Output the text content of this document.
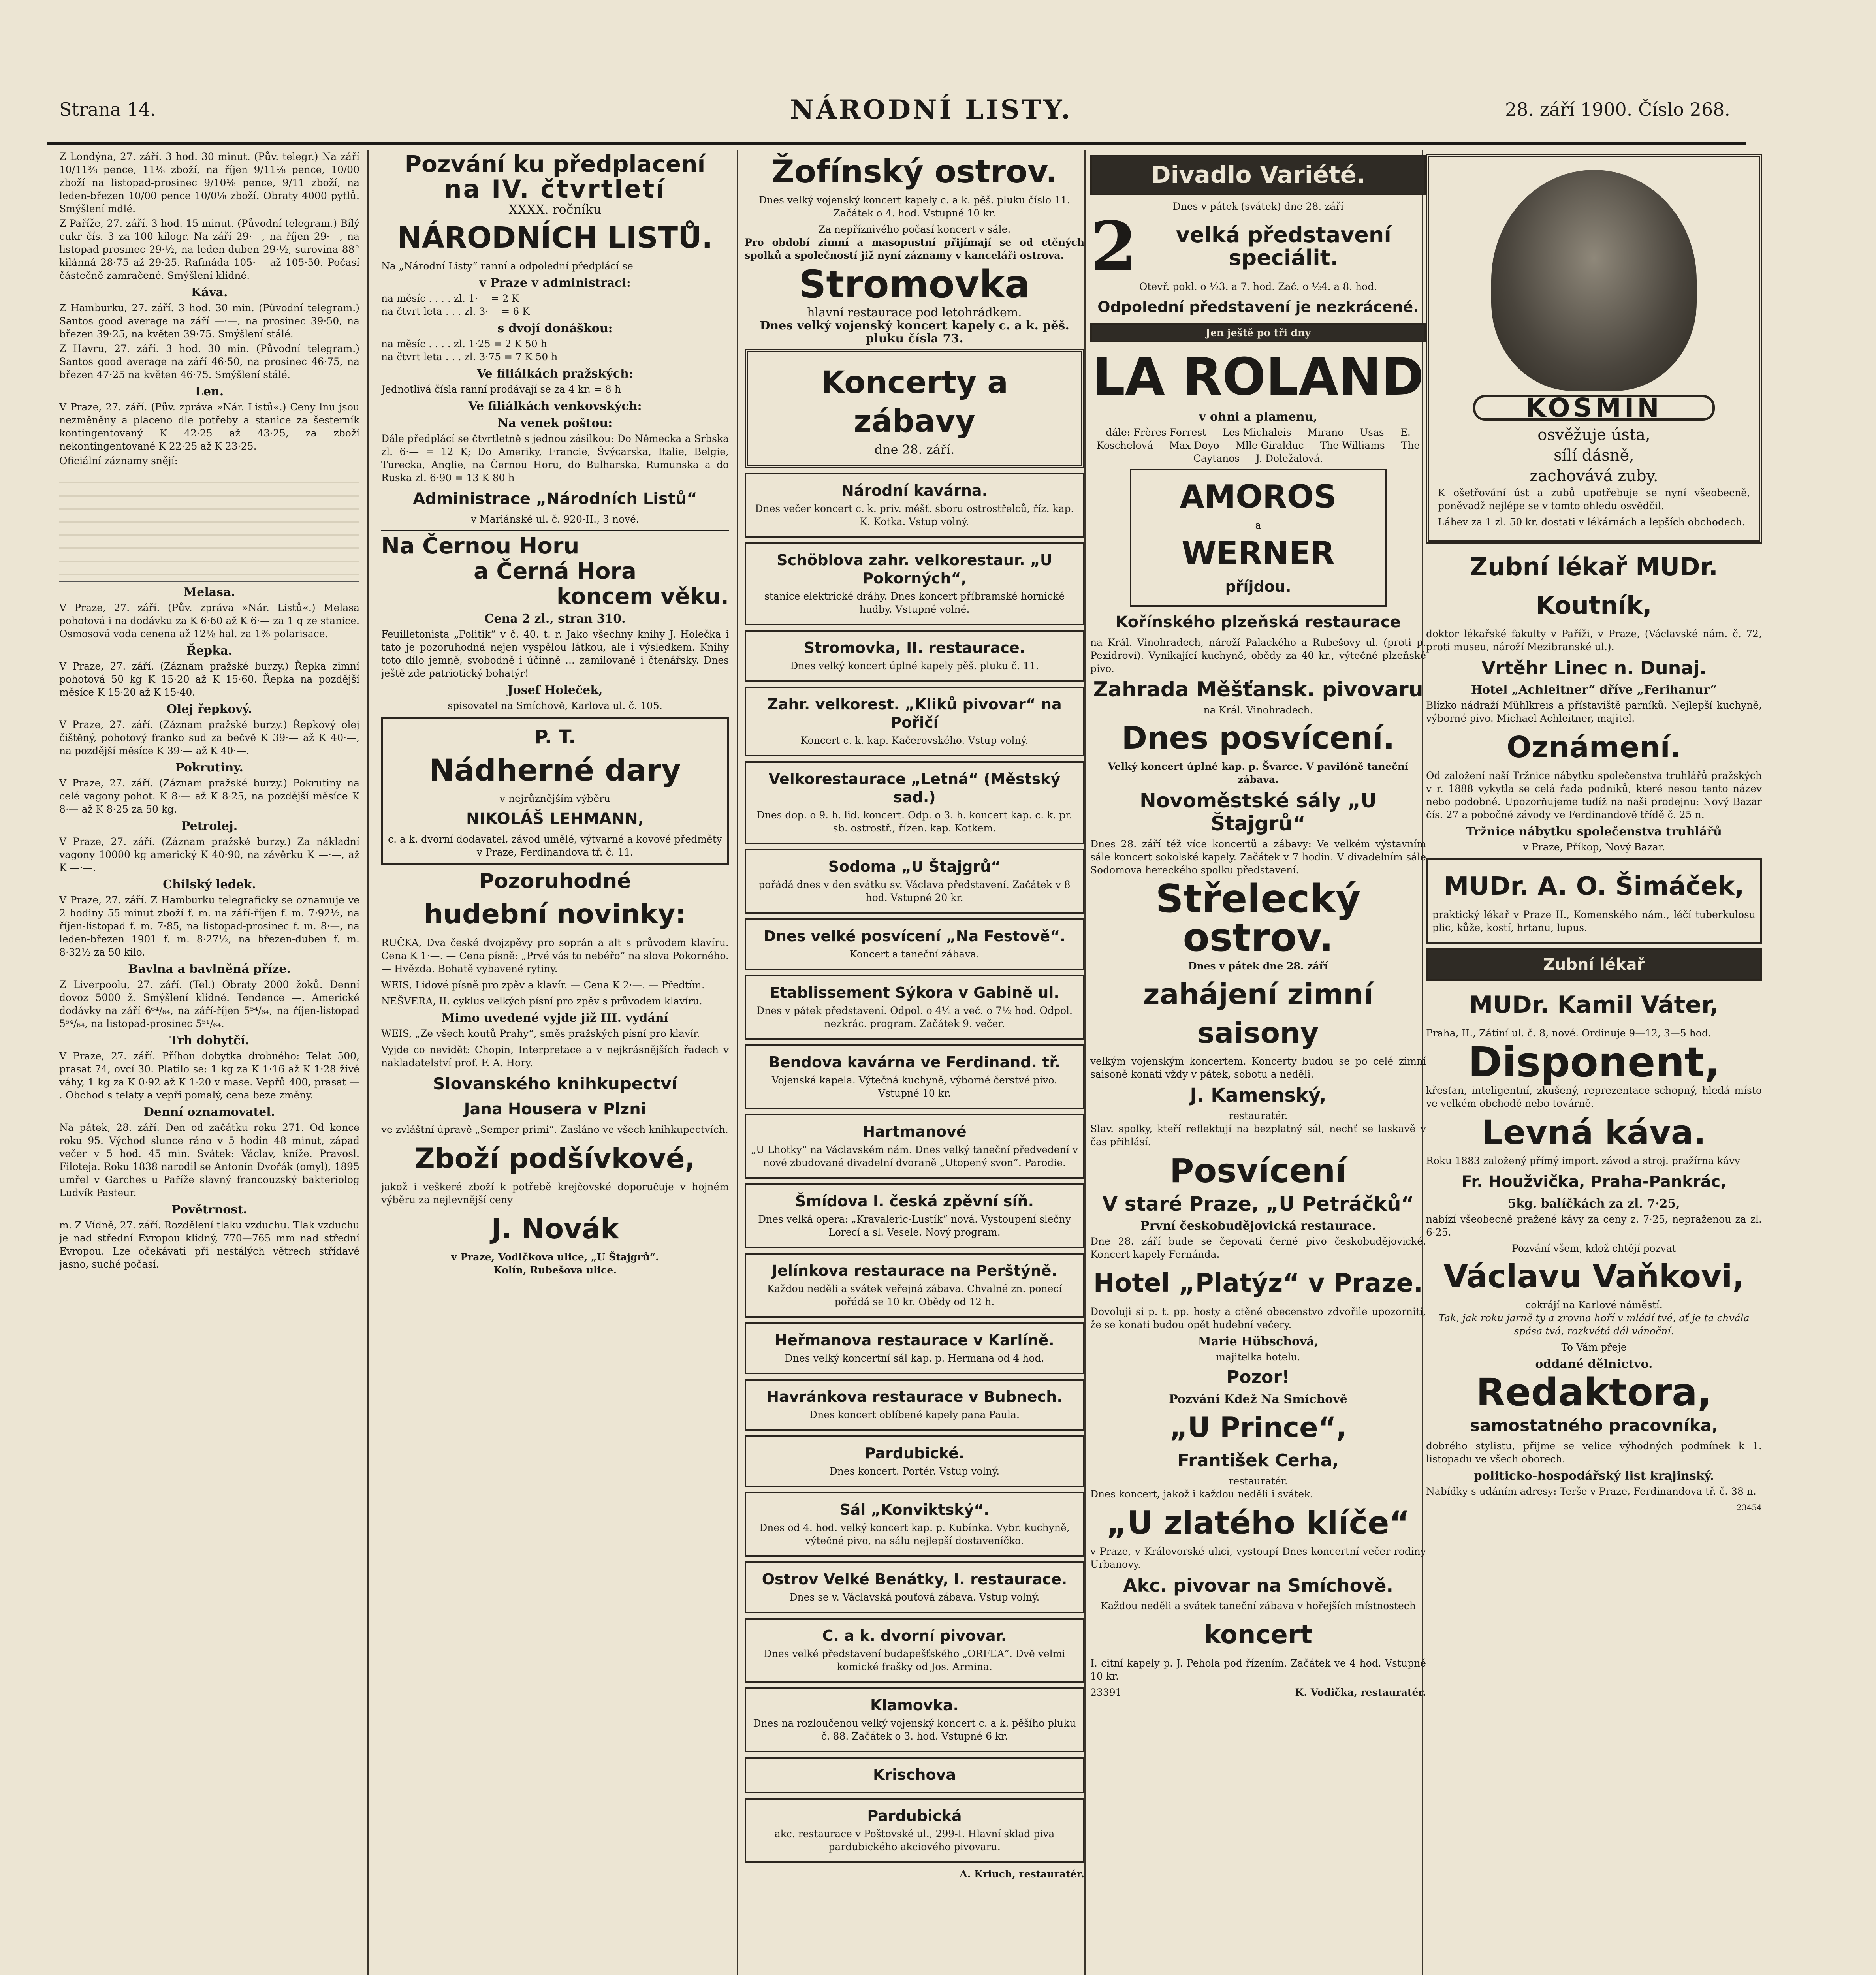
Strana 14.	NÁRODNÍ LISTY.	28. září 1900. Číslo 268.

Z Londýna, 27. září. 3 hod. 30 minut. (Pův. telegr.) Na září 10/11⅜ pence, 11⅛ zboží, na říjen 9/11⅛ pence, 10/00 zboží na listopad-prosinec 9/10⅛ pence, 9/11 zboží, na leden-březen 10/00 pence 10/0⅛ zboží. Obraty 4000 pytlů. Smýšlení mdlé.

Z Paříže, 27. září. 3 hod. 15 minut. (Původní telegram.) Bílý cukr čís. 3 za 100 kilogr. Na září 29·—, na říjen 29·—, na listopad-prosinec 29·½, na leden-duben 29·½, surovina 88° kilánná 28·75 až 29·25. Rafináda 105·— až 105·50. Počasí částečně zamračené. Smýšlení klidné.

Káva.

Z Hamburku, 27. září. 3 hod. 30 min. (Původní telegram.) Santos good average na září —·—, na prosinec 39·50, na březen 39·25, na květen 39·75. Smýšlení stálé.

Z Havru, 27. září. 3 hod. 30 min. (Původní telegram.) Santos good average na září 46·50, na prosinec 46·75, na březen 47·25 na květen 46·75. Smýšlení stálé.

Len.

V Praze, 27. září. (Pův. zpráva »Nár. Listů«.) Ceny lnu jsou nezměněny a placeno dle potřeby a stanice za šesterník kontingentovaný K 42·25 až 43·25, za zboží nekontingentované K 22·25 až K 23·25.

Oficiální záznamy snějí:

Melasa.

V Praze, 27. září. (Pův. zpráva »Nár. Listů«.) Melasa pohotová i na dodávku za K 6·60 až K 6·— za 1 q ze stanice. Osmosová voda cenena až 12⅛ hal. za 1% polarisace.

Řepka.

V Praze, 27. září. (Záznam pražské burzy.) Řepka zimní pohotová 50 kg K 15·20 až K 15·60. Řepka na pozdější měsíce K 15·20 až K 15·40.

Olej řepkový.

V Praze, 27. září. (Záznam pražské burzy.) Řepkový olej čištěný, pohotový franko sud za bečvě K 39·— až K 40·—, na pozdější měsíce K 39·— až K 40·—.

Pokrutiny.

V Praze, 27. září. (Záznam pražské burzy.) Pokrutiny na celé vagony pohot. K 8·— až K 8·25, na pozdější měsíce K 8·— až K 8·25 za 50 kg.

Petrolej.

V Praze, 27. září. (Záznam pražské burzy.) Za nákladní vagony 10000 kg americký K 40·90, na závěrku K —·—, až K —·—.

Chilský ledek.

V Praze, 27. září. Z Hamburku telegraficky se oznamuje ve 2 hodiny 55 minut zboží f. m. na září-říjen f. m. 7·92½, na říjen-listopad f. m. 7·85, na listopad-prosinec f. m. 8·—, na leden-březen 1901 f. m. 8·27½, na březen-duben f. m. 8·32½ za 50 kilo.

Bavlna a bavlněná příze.

Z Liverpoolu, 27. září. (Tel.) Obraty 2000 žoků. Denní dovoz 5000 ž. Smýšlení klidné. Tendence —. Americké dodávky na září 6⁶⁴/₆₄, na září-říjen 5⁵⁴/₆₄, na říjen-listopad 5⁵⁴/₆₄, na listopad-prosinec 5⁵¹/₆₄.

Trh dobytčí.

V Praze, 27. září. Příhon dobytka drobného: Telat 500, prasat 74, ovcí 30. Platilo se: 1 kg za K 1·16 až K 1·28 živé váhy, 1 kg za K 0·92 až K 1·20 v mase. Vepřů 400, prasat — . Obchod s telaty a vepři pomalý, cena beze změny.

Denní oznamovatel.

Na pátek, 28. září. Den od začátku roku 271. Od konce roku 95. Východ slunce ráno v 5 hodin 48 minut, západ večer v 5 hod. 45 min. Svátek: Václav, kníže. Pravosl. Filoteja. Roku 1838 narodil se Antonín Dvořák (omyl), 1895 umřel v Garches u Paříže slavný francouzský bakteriolog Ludvík Pasteur.

Povětrnost.

m. Z Vídně, 27. září. Rozdělení tlaku vzduchu. Tlak vzduchu je nad střední Evropou klidný, 770—765 mm nad střední Evropou. Lze očekávati při nestálých větrech střídavé jasno, suché počasí.

Pozvání ku předplacení
na IV. čtvrtletí
XXXX. ročníku
NÁRODNÍCH LISTŮ.

Na „Národní Listy“ ranní a odpolední předplácí se

v Praze v administraci:
na měsíc . . . . zl. 1·— = 2 K
na čtvrt leta . . . zl. 3·— = 6 K
s dvojí donáškou:
na měsíc . . . . zl. 1·25 = 2 K 50 h
na čtvrt leta . . . zl. 3·75 = 7 K 50 h
Ve filiálkách pražských:

Jednotlivá čísla ranní prodávají se za 4 kr. = 8 h

Ve filiálkách venkovských:
Na venek poštou:

Dále předplácí se čtvrtletně s jednou zásilkou: Do Německa a Srbska zl. 6·— = 12 K; Do Ameriky, Francie, Švýcarska, Italie, Belgie, Turecka, Anglie, na Černou Horu, do Bulharska, Rumunska a do Ruska zl. 6·90 = 13 K 80 h

Administrace „Národních Listů“
v Mariánské ul. č. 920-II., 3 nové.
Na Černou Horu
a Černá Hora
koncem věku.
Cena 2 zl., stran 310.

Feuilletonista „Politik“ v č. 40. t. r. Jako všechny knihy J. Holečka i tato je pozoruhodná nejen vyspělou látkou, ale i výsledkem. Knihy toto dílo jemně, svobodně i účinně ... zamilovaně i čtenářsky. Dnes ještě zde patriotický bohatýr!

Josef Holeček,
spisovatel na Smíchově, Karlova ul. č. 105.
P. T.
Nádherné dary
v nejrůznějším výběru
NIKOLÁŠ LEHMANN,
c. a k. dvorní dodavatel, závod umělé, výtvarné a kovové předměty v Praze, Ferdinandova tř. č. 11.
Pozoruhodné
hudební novinky:

RUČKA, Dva české dvojzpěvy pro soprán a alt s průvodem klavíru. Cena K 1·—. — Cena písně: „Prvé vás to nebéřo“ na slova Pokorného. — Hvězda. Bohatě vybavené rytiny.

WEIS, Lidové písně pro zpěv a klavír. — Cena K 2·—. — Předtím.

NEŠVERA, II. cyklus velkých písní pro zpěv s průvodem klavíru.

Mimo uvedené vyjde již III. vydání

WEIS, „Ze všech koutů Prahy“, směs pražských písní pro klavír.

Vyjde co nevidět: Chopin, Interpretace a v nejkrásnějších řadech v nakladatelství prof. F. A. Hory.

Slovanského knihkupectví
Jana Housera v Plzni

ve zvláštní úpravě „Semper primi“. Zasláno ve všech knihkupectvích.

Zboží podšívkové,

jakož i veškeré zboží k potřebě krejčovské doporučuje v hojném výběru za nejlevnější ceny

J. Novák
v Praze, Vodičkova ulice, „U Štajgrů“.
Kolín, Rubešova ulice.
Žofínský ostrov.

Dnes velký vojenský koncert kapely c. a k. pěš. pluku číslo 11. Začátek o 4. hod. Vstupné 10 kr.

Za nepříznivého počasí koncert v sále.

Pro období zimní a masopustní přijímají se od ctěných spolků a společností již nyní záznamy v kanceláři ostrova.

Stromovka
hlavní restaurace pod letohrádkem.

Dnes velký vojenský koncert kapely c. a k. pěš. pluku čísla 73.

Koncerty a zábavy
dne 28. září.
Národní kavárna.

Dnes večer koncert c. k. priv. měšť. sboru ostrostřelců, říz. kap. K. Kotka. Vstup volný.

Schöblova zahr. velkorestaur. „U Pokorných“,

stanice elektrické dráhy. Dnes koncert příbramské hornické hudby. Vstupné volné.

Stromovka, II. restaurace.

Dnes velký koncert úplné kapely pěš. pluku č. 11.

Zahr. velkorest. „Kliků pivovar“ na Pořičí

Koncert c. k. kap. Kačerovského. Vstup volný.

Velkorestaurace „Letná“ (Městský sad.)

Dnes dop. o 9. h. lid. koncert. Odp. o 3. h. koncert kap. c. k. pr. sb. ostrostř., řízen. kap. Kotkem.

Sodoma „U Štajgrů“

pořádá dnes v den svátku sv. Václava představení. Začátek v 8 hod. Vstupné 20 kr.

Dnes velké posvícení „Na Festově“.

Koncert a taneční zábava.

Etablissement Sýkora v Gabině ul.

Dnes v pátek představení. Odpol. o 4½ a več. o 7½ hod. Odpol. nezkrác. program. Začátek 9. večer.

Bendova kavárna ve Ferdinand. tř.

Vojenská kapela. Výtečná kuchyně, výborné čerstvé pivo. Vstupné 10 kr.

Hartmanové

„U Lhotky“ na Václavském nám. Dnes velký taneční předvedení v nové zbudované divadelní dvoraně „Utopený svon“. Parodie.

Šmídova I. česká zpěvní síň.

Dnes velká opera: „Kravaleric-Lustík“ nová. Vystoupení slečny Lorecí a sl. Vesele. Nový program.

Jelínkova restaurace na Perštýně.

Každou neděli a svátek veřejná zábava. Chvalné zn. ponecí pořádá se 10 kr. Obědy od 12 h.

Heřmanova restaurace v Karlíně.

Dnes velký koncertní sál kap. p. Hermana od 4 hod.

Havránkova restaurace v Bubnech.

Dnes koncert oblíbené kapely pana Paula.

Pardubické.

Dnes koncert. Portér. Vstup volný.

Sál „Konviktský“.

Dnes od 4. hod. velký koncert kap. p. Kubínka. Vybr. kuchyně, výtečné pivo, na sálu nejlepší dostaveníčko.

Ostrov Velké Benátky, I. restaurace.

Dnes se v. Václavská pouťová zábava. Vstup volný.

C. a k. dvorní pivovar.

Dnes velké představení budapešťského „ORFEA“. Dvě velmi komické frašky od Jos. Armina.

Klamovka.

Dnes na rozloučenou velký vojenský koncert c. a k. pěšího pluku č. 88. Začátek o 3. hod. Vstupné 6 kr.

Krischova

Pardubická

akc. restaurace v Poštovské ul., 299-I. Hlavní sklad piva pardubického akciového pivovaru.

A. Kriuch, restauratér.
Divadlo Variété.
Dnes v pátek (svátek) dne 28. září
2	velká představení speciálit.
Otevř. pokl. o ½3. a 7. hod. Zač. o ½4. a 8. hod.
Odpolední představení je nezkrácené.
Jen ještě po tři dny
LA ROLAND
v ohni a plamenu,

dále: Frères Forrest — Les Michaleis — Mirano — Usas — E. Koschelová — Max Doyo — Mlle Giralduc — The Williams — The Caytanos — J. Doležalová.

AMOROS
a
WERNER
příjdou.
Kořínského plzeňská restaurace

na Král. Vinohradech, nároží Palackého a Rubešovy ul. (proti p. Pexidrovi). Vynikající kuchyně, obědy za 40 kr., výtečné plzeňské pivo.

Zahrada Měšťansk. pivovaru
na Král. Vinohradech.
Dnes posvícení.

Velký koncert úplné kap. p. Švarce. V pavilóně taneční zábava.

Novoměstské sály „U Štajgrů“

Dnes 28. září též více koncertů a zábavy: Ve velkém výstavním sále koncert sokolské kapely. Začátek v 7 hodin. V divadelním sále Sodomova hereckého spolku představení.

Střelecký ostrov.
Dnes v pátek dne 28. září
zahájení zimní saisony

velkým vojenským koncertem. Koncerty budou se po celé zimní saisoně konati vždy v pátek, sobotu a neděli.

J. Kamenský,
restauratér.

Slav. spolky, kteří reflektují na bezplatný sál, nechť se laskavě v čas přihlásí.

Posvícení
V staré Praze, „U Petráčků“
První českobudějovická restaurace.

Dne 28. září bude se čepovati černé pivo českobudějovické. Koncert kapely Fernánda.

Hotel „Platýz“ v Praze.

Dovoluji si p. t. pp. hosty a ctěné obecenstvo zdvořile upozorniti, že se konati budou opět hudební večery.

Marie Hübschová,
majitelka hotelu.
Pozor!
Pozvání Kdež Na Smíchově
„U Prince“,
František Cerha,
restauratér.

Dnes koncert, jakož i každou neděli i svátek.

„U zlatého klíče“

v Praze, v Královorské ulici, vystoupí Dnes koncertní večer rodiny Urbanovy.

Akc. pivovar na Smíchově.

Každou neděli a svátek taneční zábava v hořejších místnostech

koncert

I. citní kapely p. J. Pehola pod řízením. Začátek ve 4 hod. Vstupné 10 kr.

23391	K. Vodička, restauratér.
KOSMIN
osvěžuje ústa,
sílí dásně,
zachovává zuby.

K ošetřování úst a zubů upotřebuje se nyní všeobecně, poněvadž nejlépe se v tomto ohledu osvědčil.

Láhev za 1 zl. 50 kr. dostati v lékárnách a lepších obchodech.

Zubní lékař MUDr. Koutník,

doktor lékařské fakulty v Paříži, v Praze, (Václavské nám. č. 72, proti museu, nároží Mezibranské ul.).

Vrtěhr Linec n. Dunaj.
Hotel „Achleitner“ dříve „Ferihanur“

Blízko nádraží Mühlkreis a přístaviště parníků. Nejlepší kuchyně, výborné pivo. Michael Achleitner, majitel.

Oznámení.

Od založení naší Tržnice nábytku společenstva truhlářů pražských v r. 1888 vykytla se celá řada podniků, které nesou tento název nebo podobné. Upozorňujeme tudíž na naši prodejnu: Nový Bazar čís. 27 a pobočné závody ve Ferdinandově třídě č. 25 n.

Tržnice nábytku společenstva truhlářů
v Praze, Příkop, Nový Bazar.
MUDr. A. O. Šimáček,

praktický lékař v Praze II., Komenského nám., léčí tuberkulosu plic, kůže, kostí, hrtanu, lupus.

Zubní lékař
MUDr. Kamil Váter,

Praha, II., Zátiní ul. č. 8, nové. Ordinuje 9—12, 3—5 hod.

Disponent,

křesťan, inteligentní, zkušený, reprezentace schopný, hledá místo ve velkém obchodě nebo továrně.

Levná káva.

Roku 1883 založený přímý import. závod a stroj. pražírna kávy

Fr. Houžvička, Praha-Pankrác,
5kg. balíčkách za zl. 7·25,

nabízí všeobecně pražené kávy za ceny z. 7·25, nepraženou za zl. 6·25.

Pozvání všem, kdož chtějí pozvat
Václavu Vaňkovi,
cokrájí na Karlové náměstí.

Tak, jak roku jarně ty a zrovna hoří v mládí tvé, ať je ta chvála spása tvá, rozkvétá dál vánoční.

To Vám přeje
oddané dělnictvo.
Redaktora,
samostatného pracovníka,

dobrého stylistu, přijme se velice výhodných podmínek k 1. listopadu ve všech oborech.

politicko-hospodářský list krajinský.

Nabídky s udáním adresy: Terše v Praze, Ferdinandova tř. č. 38 n.

23454
